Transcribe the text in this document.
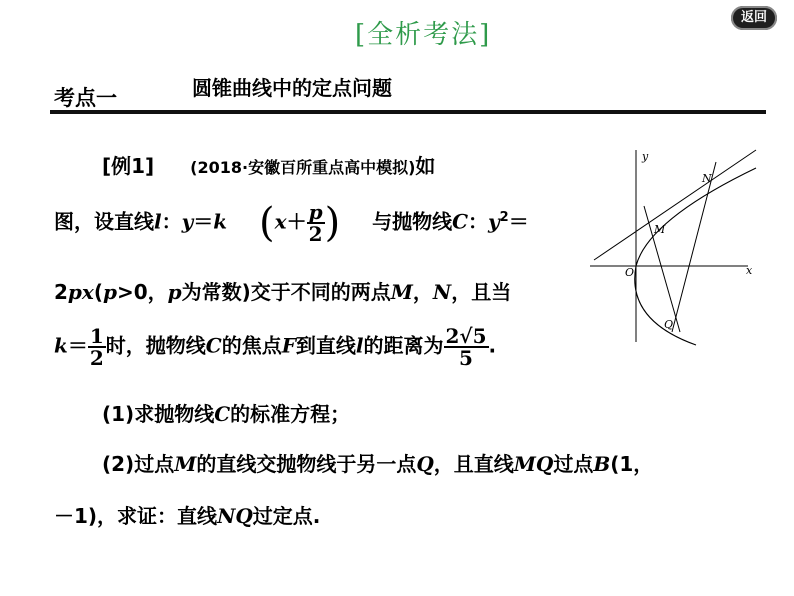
[全析考法]
返回
考点一	圆锥曲线中的定点问题
[例1] (2018·安徽百所重点高中模拟)如
图，设直线l：y＝k ($x+ \frac{p}{2}$ ) 与抛物线C：$y^2=$
2px(p>0，p为常数)交于不同的两点M，N，且当
$k= \frac{1}{2}$ 时，抛物线C的焦点F到直线l的距离为 $\frac{2√5}{5}$ .
(1)求抛物线C的标准方程；
(2)过点M的直线交抛物线于另一点Q，且直线MQ过点B(1，
－1)，求证：直线NQ过定点.
y
x
O
M
N
Q
